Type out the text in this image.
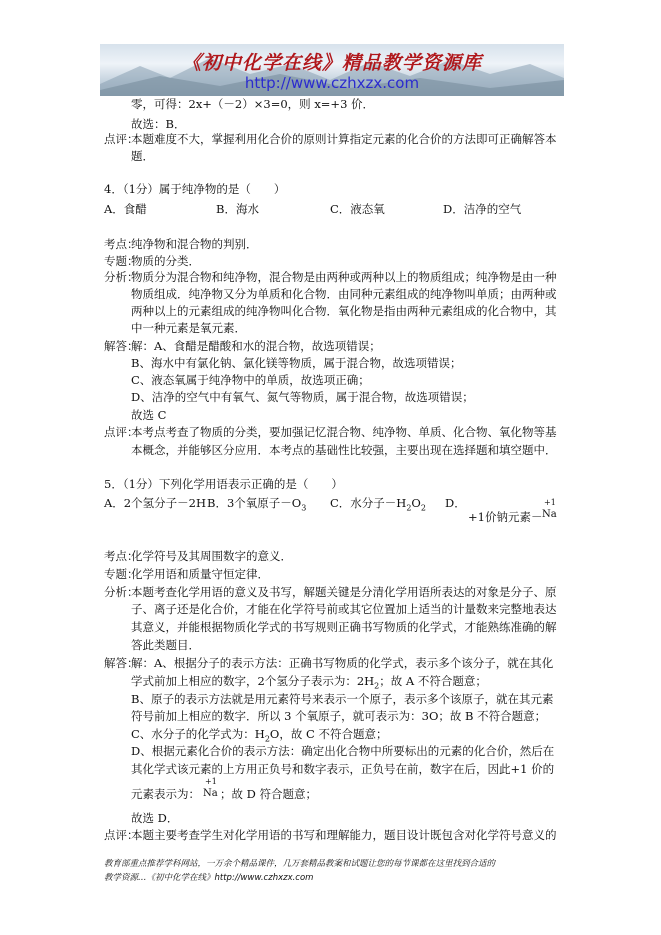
《初中化学在线》精品教学资源库
http://www.czhxzx.com
零，可得：2x+（－2）×3=0，则 x=+3 价．
故选：B．
点评：
本题难度不大，掌握利用化合价的原则计算指定元素的化合价的方法即可正确解答本
题．
4．（1分）属于纯净物的是（　　）
A．食醋	B．海水	C．液态氧	D．洁净的空气
考点：
纯净物和混合物的判别．
专题：
物质的分类．
分析：
物质分为混合物和纯净物，混合物是由两种或两种以上的物质组成；纯净物是由一种
物质组成．纯净物又分为单质和化合物．由同种元素组成的纯净物叫单质；由两种或
两种以上的元素组成的纯净物叫化合物．氧化物是指由两种元素组成的化合物中，其
中一种元素是氧元素．
解答：
解：A、食醋是醋酸和水的混合物，故选项错误；
B、海水中有氯化钠、氯化镁等物质，属于混合物，故选项错误；
C、液态氧属于纯净物中的单质，故选项正确；
D、洁净的空气中有氧气、氮气等物质，属于混合物，故选项错误；
故选 C
点评：
本考点考查了物质的分类，要加强记忆混合物、纯净物、单质、化合物、氧化物等基
本概念，并能够区分应用．本考点的基础性比较强，主要出现在选择题和填空题中．
5．（1分）下列化学用语表示正确的是（　　）
A．2个氢分子－2H B．3个氧原子$-O_3$ C．水分子$-H_2O_2$ D．
+1价钠元素－
+1
Na
考点：
化学符号及其周围数字的意义．
专题：
化学用语和质量守恒定律．
分析：
本题考查化学用语的意义及书写，解题关键是分清化学用语所表达的对象是分子、原
子、离子还是化合价，才能在化学符号前或其它位置加上适当的计量数来完整地表达
其意义，并能根据物质化学式的书写规则正确书写物质的化学式，才能熟练准确的解
答此类题目．
解答：
解：A、根据分子的表示方法：正确书写物质的化学式，表示多个该分子，就在其化
学式前加上相应的数字，2个氢分子表示为：$2H_2$；故 A 不符合题意；
B、原子的表示方法就是用元素符号来表示一个原子，表示多个该原子，就在其元素
符号前加上相应的数字．所以 3 个氧原子，就可表示为：3O；故 B 不符合题意；
C、水分子的化学式为：$H_2O$，故 C 不符合题意；
D、根据元素化合价的表示方法：确定出化合物中所要标出的元素的化合价，然后在
其化学式该元素的上方用正负号和数字表示，正负号在前，数字在后，因此+1 价的
元素表示为：
+1
Na ；故 D 符合题意；
故选 D．
点评：
本题主要考查学生对化学用语的书写和理解能力，题目设计既包含对化学符号意义的
教育部重点推荐学科网站，一万余个精品课件，几万套精品教案和试题让您的每节课都在这里找到合适的
教学资源…《初中化学在线》http://www.czhxzx.com
